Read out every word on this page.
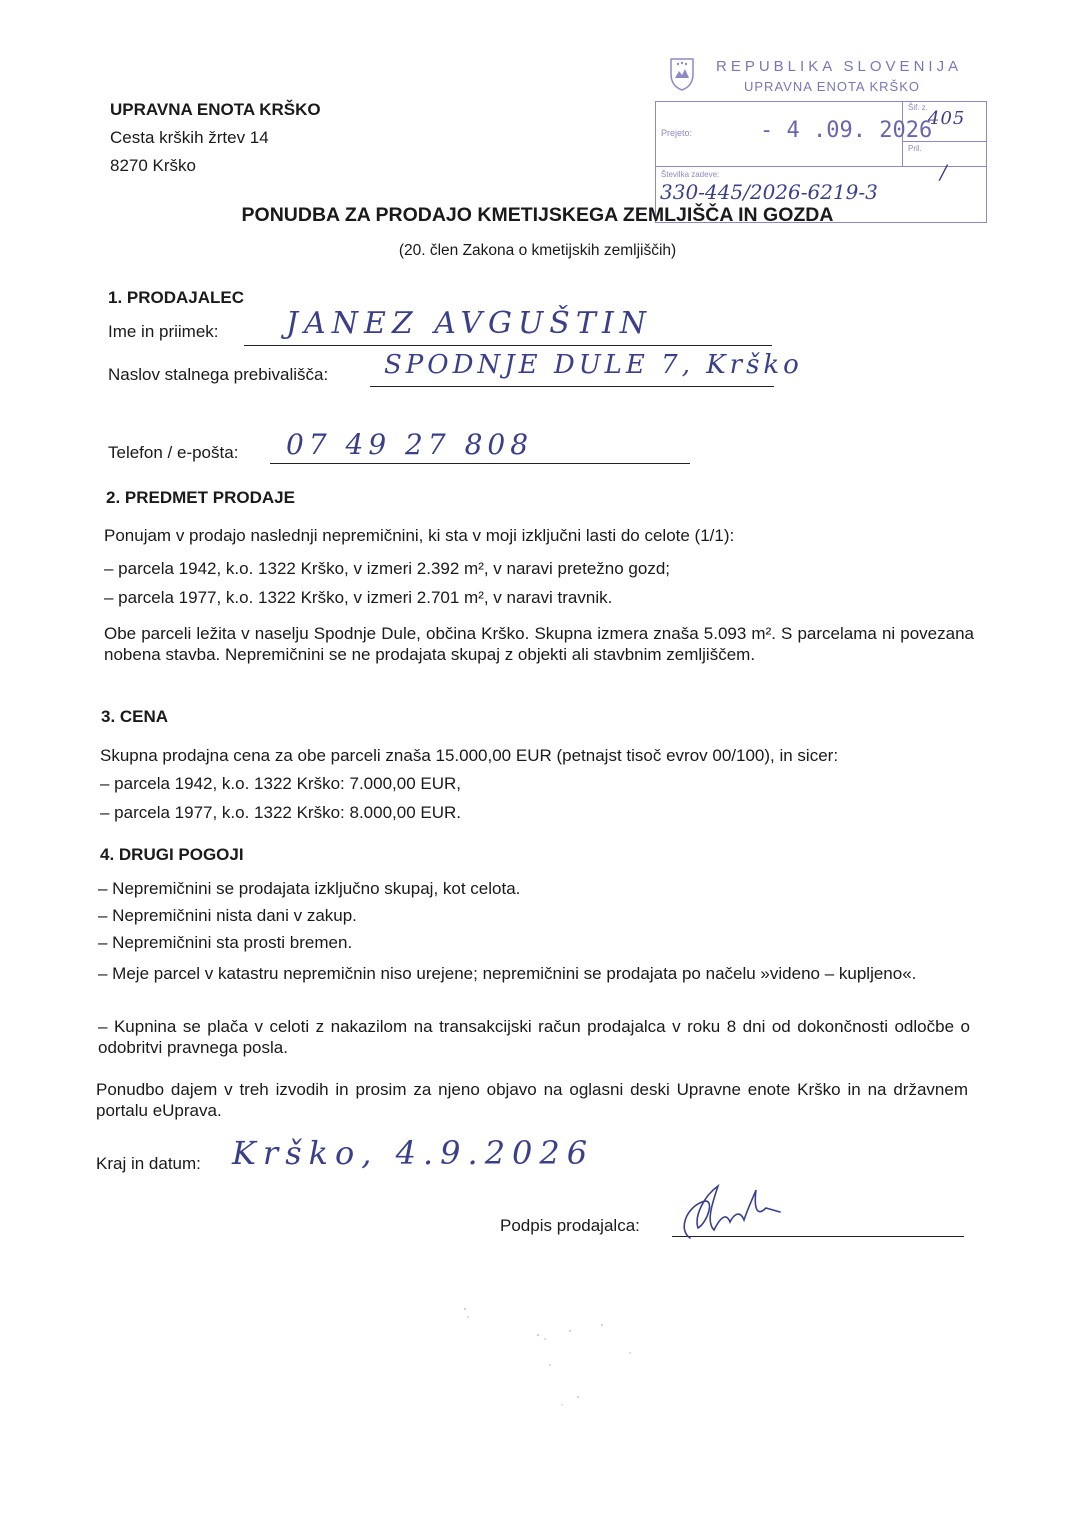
UPRAVNA ENOTA KRŠKO
Cesta krških žrtev 14
8270 Krško
REPUBLIKA SLOVENIJA
UPRAVNA ENOTA KRŠKO
Prejeto:	- 4 .09. 2026
Šif. z.
405
Pril.
/
Številka zadeve:
330-445/2026-6219-3
PONUDBA ZA PRODAJO KMETIJSKEGA ZEMLJIŠČA IN GOZDA
(20. člen Zakona o kmetijskih zemljiščih)
1. PRODAJALEC
Ime in priimek: JANEZ AVGUŠTIN
Naslov stalnega prebivališča: SPODNJE DULE 7, Krško
Telefon / e-pošta: 07 49 27 808
2. PREDMET PRODAJE
Ponujam v prodajo naslednji nepremičnini, ki sta v moji izključni lasti do celote (1/1):
– parcela 1942, k.o. 1322 Krško, v izmeri 2.392 m², v naravi pretežno gozd;
– parcela 1977, k.o. 1322 Krško, v izmeri 2.701 m², v naravi travnik.
Obe parceli ležita v naselju Spodnje Dule, občina Krško. Skupna izmera znaša 5.093 m². S parcelama ni povezana nobena stavba. Nepremičnini se ne prodajata skupaj z objekti ali stavbnim zemljiščem.
3. CENA
Skupna prodajna cena za obe parceli znaša 15.000,00 EUR (petnajst tisoč evrov 00/100), in sicer:
– parcela 1942, k.o. 1322 Krško: 7.000,00 EUR,
– parcela 1977, k.o. 1322 Krško: 8.000,00 EUR.
4. DRUGI POGOJI
– Nepremičnini se prodajata izključno skupaj, kot celota.
– Nepremičnini nista dani v zakup.
– Nepremičnini sta prosti bremen.
– Meje parcel v katastru nepremičnin niso urejene; nepremičnini se prodajata po načelu »videno – kupljeno«.
– Kupnina se plača v celoti z nakazilom na transakcijski račun prodajalca v roku 8 dni od dokončnosti odločbe o odobritvi pravnega posla.
Ponudbo dajem v treh izvodih in prosim za njeno objavo na oglasni deski Upravne enote Krško in na državnem portalu eUprava.
Kraj in datum: Krško, 4.9.2026
Podpis prodajalca:
